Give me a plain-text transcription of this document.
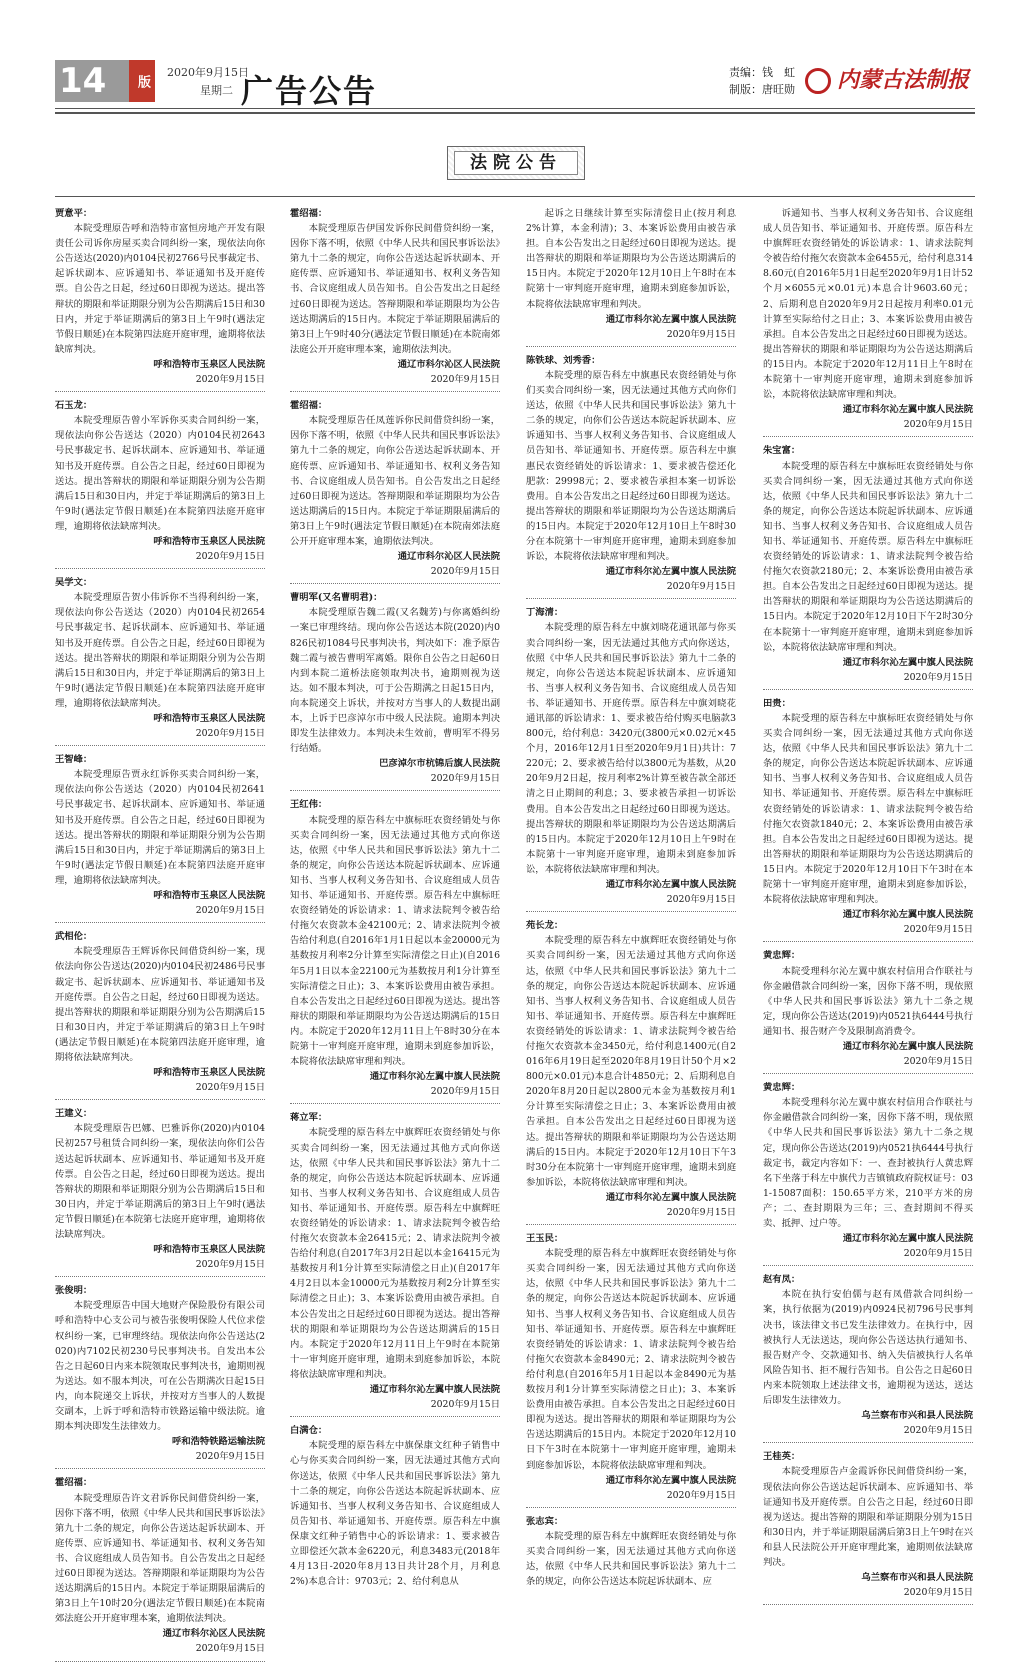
14	版
2020年9月15日
星期二 广告公告	责编：钱　虹
制版：唐旺勋	内蒙古法制报
法院公告

贾意平：

本院受理原告呼和浩特市富恒房地产开发有限责任公司诉你房屋买卖合同纠纷一案，现依法向你公告送达(2020)内0104民初2766号民事裁定书、起诉状副本、应诉通知书、举证通知书及开庭传票。自公告之日起，经过60日即视为送达。提出答辩状的期限和举证期限分别为公告期满后15日和30日内，并定于举证期满后的第3日上午9时(遇法定节假日顺延)在本院第四法庭开庭审理，逾期将依法缺席判决。

呼和浩特市玉泉区人民法院

2020年9月15日

石玉龙：

本院受理原告曾小军诉你买卖合同纠纷一案，现依法向你公告送达（2020）内0104民初2643号民事裁定书、起诉状副本、应诉通知书、举证通知书及开庭传票。自公告之日起，经过60日即视为送达。提出答辩状的期限和举证期限分别为公告期满后15日和30日内，并定于举证期满后的第3日上午9时(遇法定节假日顺延)在本院第四法庭开庭审理，逾期将依法缺席判决。

呼和浩特市玉泉区人民法院

2020年9月15日

吴学文：

本院受理原告贺小伟诉你不当得利纠纷一案，现依法向你公告送达（2020）内0104民初2654号民事裁定书、起诉状副本、应诉通知书、举证通知书及开庭传票。自公告之日起，经过60日即视为送达。提出答辩状的期限和举证期限分别为公告期满后15日和30日内，并定于举证期满后的第3日上午9时(遇法定节假日顺延)在本院第四法庭开庭审理，逾期将依法缺席判决。

呼和浩特市玉泉区人民法院

2020年9月15日

王智峰：

本院受理原告贾永红诉你买卖合同纠纷一案，现依法向你公告送达（2020）内0104民初2641号民事裁定书、起诉状副本、应诉通知书、举证通知书及开庭传票。自公告之日起，经过60日即视为送达。提出答辩状的期限和举证期限分别为公告期满后15日和30日内，并定于举证期满后的第3日上午9时(遇法定节假日顺延)在本院第四法庭开庭审理，逾期将依法缺席判决。

呼和浩特市玉泉区人民法院

2020年9月15日

武相伦：

本院受理原告王辉诉你民间借贷纠纷一案，现依法向你公告送达(2020)内0104民初2486号民事裁定书、起诉状副本、应诉通知书、举证通知书及开庭传票。自公告之日起，经过60日即视为送达。提出答辩状的期限和举证期限分别为公告期满后15日和30日内，并定于举证期满后的第3日上午9时(遇法定节假日顺延)在本院第四法庭开庭审理，逾期将依法缺席判决。

呼和浩特市玉泉区人民法院

2020年9月15日

王建义：

本院受理原告巴娜、巴雅诉你(2020)内0104民初257号租赁合同纠纷一案，现依法向你们公告送达起诉状副本、应诉通知书、举证通知书及开庭传票。自公告之日起，经过60日即视为送达。提出答辩状的期限和举证期限分别为公告期满后15日和30日内，并定于举证期满后的第3日上午9时(遇法定节假日顺延)在本院第七法庭开庭审理，逾期将依法缺席判决。

呼和浩特市玉泉区人民法院

2020年9月15日

张俊明：

本院受理原告中国大地财产保险股份有限公司呼和浩特中心支公司与被告张俊明保险人代位求偿权纠纷一案，已审理终结。现依法向你公告送达(2020)内7102民初230号民事判决书。自发出本公告之日起60日内来本院领取民事判决书，逾期则视为送达。如不服本判决，可在公告期满次日起15日内，向本院递交上诉状，并按对方当事人的人数提交副本，上诉于呼和浩特市铁路运输中级法院。逾期本判决即发生法律效力。

呼和浩特铁路运输法院

2020年9月15日

霍绍福：

本院受理原告许文君诉你民间借贷纠纷一案，因你下落不明，依照《中华人民共和国民事诉讼法》第九十二条的规定，向你公告送达起诉状副本、开庭传票、应诉通知书、举证通知书、权利义务告知书、合议庭组成人员告知书。自公告发出之日起经过60日即视为送达。答辩期限和举证期限均为公告送达期满后的15日内。本院定于举证期限届满后的第3日上午10时20分(遇法定节假日顺延)在本院南郊法庭公开开庭审理本案，逾期依法判决。

通辽市科尔沁区人民法院

2020年9月15日

霍绍福：

本院受理原告伊国发诉你民间借贷纠纷一案，因你下落不明，依照《中华人民共和国民事诉讼法》第九十二条的规定，向你公告送达起诉状副本、开庭传票、应诉通知书、举证通知书、权利义务告知书、合议庭组成人员告知书。自公告发出之日起经过60日即视为送达。答辩期限和举证期限均为公告送达期满后的15日内。本院定于举证期限届满后的第3日上午9时40分(遇法定节假日顺延)在本院南郊法庭公开开庭审理本案，逾期依法判决。

通辽市科尔沁区人民法院

2020年9月15日

霍绍福：

本院受理原告任凤莲诉你民间借贷纠纷一案，因你下落不明，依照《中华人民共和国民事诉讼法》第九十二条的规定，向你公告送达起诉状副本、开庭传票、应诉通知书、举证通知书、权利义务告知书、合议庭组成人员告知书。自公告发出之日起经过60日即视为送达。答辩期限和举证期限均为公告送达期满后的15日内。本院定于举证期限届满后的第3日上午9时(遇法定节假日顺延)在本院南郊法庭公开开庭审理本案，逾期依法判决。

通辽市科尔沁区人民法院

2020年9月15日

曹明军(又名曹明君)：

本院受理原告魏二霞(又名魏芳)与你离婚纠纷一案已审理终结。现向你公告送达本院(2020)内0826民初1084号民事判决书，判决如下：准予原告魏二霞与被告曹明军离婚。限你自公告之日起60日内到本院二道桥法庭领取判决书，逾期则视为送达。如不服本判决，可于公告期满之日起15日内，向本院递交上诉状，并按对方当事人的人数提出副本，上诉于巴彦淖尔市中级人民法院。逾期本判决即发生法律效力。本判决未生效前，曹明军不得另行结婚。

巴彦淖尔市杭锦后旗人民法院

2020年9月15日

王红伟：

本院受理的原告科左中旗标旺农资经销处与你买卖合同纠纷一案，因无法通过其他方式向你送达，依照《中华人民共和国民事诉讼法》第九十二条的规定，向你公告送达本院起诉状副本、应诉通知书、当事人权利义务告知书、合议庭组成人员告知书、举证通知书、开庭传票。原告科左中旗标旺农资经销处的诉讼请求：1、请求法院判令被告给付拖欠农资款本金42100元；2、请求法院判令被告给付利息(自2016年1月1日起以本金20000元为基数按月利率2分计算至实际清偿之日止)(自2016年5月1日以本金22100元为基数按月利1分计算至实际清偿之日止)；3、本案诉讼费用由被告承担。自本公告发出之日起经过60日即视为送达。提出答辩状的期限和举证期限均为公告送达期满后的15日内。本院定于2020年12月11日上午8时30分在本院第十一审判庭开庭审理，逾期未到庭参加诉讼，本院将依法缺席审理和判决。

通辽市科尔沁左翼中旗人民法院

2020年9月15日

蒋立军：

本院受理的原告科左中旗辉旺农资经销处与你买卖合同纠纷一案，因无法通过其他方式向你送达，依照《中华人民共和国民事诉讼法》第九十二条的规定，向你公告送达本院起诉状副本、应诉通知书、当事人权利义务告知书、合议庭组成人员告知书、举证通知书、开庭传票。原告科左中旗辉旺农资经销处的诉讼请求：1、请求法院判令被告给付拖欠农资款本金26415元；2、请求法院判令被告给付利息(自2017年3月2日起以本金16415元为基数按月利1分计算至实际清偿之日止)(自2017年4月2日以本金10000元为基数按月利2分计算至实际清偿之日止)；3、本案诉讼费用由被告承担。自本公告发出之日起经过60日即视为送达。提出答辩状的期限和举证期限均为公告送达期满后的15日内。本院定于2020年12月11日上午9时在本院第十一审判庭开庭审理，逾期未到庭参加诉讼，本院将依法缺席审理和判决。

通辽市科尔沁左翼中旗人民法院

2020年9月15日

白满仓：

本院受理的原告科左中旗保康文红种子销售中心与你买卖合同纠纷一案，因无法通过其他方式向你送达，依照《中华人民共和国民事诉讼法》第九十二条的规定，向你公告送达本院起诉状副本、应诉通知书、当事人权利义务告知书、合议庭组成人员告知书、举证通知书、开庭传票。原告科左中旗保康文红种子销售中心的诉讼请求：1、要求被告立即偿还欠款本金6220元，利息3483元(2018年4月13日-2020年8月13日共计28个月，月利息2%)本息合计：9703元；2、给付利息从

起诉之日继续计算至实际清偿日止(按月利息2%计算，本金利清)；3、本案诉讼费用由被告承担。自本公告发出之日起经过60日即视为送达。提出答辩状的期限和举证期限均为公告送达期满后的15日内。本院定于2020年12月10日上午8时在本院第十一审判庭开庭审理，逾期未到庭参加诉讼，本院将依法缺席审理和判决。

通辽市科尔沁左翼中旗人民法院

2020年9月15日

陈铁球、刘秀香：

本院受理的原告科左中旗惠民农资经销处与你们买卖合同纠纷一案，因无法通过其他方式向你们送达，依照《中华人民共和国民事诉讼法》第九十二条的规定，向你们公告送达本院起诉状副本、应诉通知书、当事人权利义务告知书、合议庭组成人员告知书、举证通知书、开庭传票。原告科左中旗惠民农资经销处的诉讼请求：1、要求被告偿还化肥款：29998元；2、要求被告承担本案一切诉讼费用。自本公告发出之日起经过60日即视为送达。提出答辩状的期限和举证期限均为公告送达期满后的15日内。本院定于2020年12月10日上午8时30分在本院第十一审判庭开庭审理，逾期未到庭参加诉讼，本院将依法缺席审理和判决。

通辽市科尔沁左翼中旗人民法院

2020年9月15日

丁海清：

本院受理的原告科左中旗刘晓花通讯部与你买卖合同纠纷一案，因无法通过其他方式向你送达，依照《中华人民共和国民事诉讼法》第九十二条的规定，向你公告送达本院起诉状副本、应诉通知书、当事人权利义务告知书、合议庭组成人员告知书、举证通知书、开庭传票。原告科左中旗刘晓花通讯部的诉讼请求：1、要求被告给付购买电脑款3800元，给付利息：3420元(3800元×0.02元×45个月，2016年12月1日至2020年9月1日)共计：7220元；2、要求被告给付以3800元为基数，从2020年9月2日起，按月利率2%计算至被告款全部还清之日止期间的利息；3、要求被告承担一切诉讼费用。自本公告发出之日起经过60日即视为送达。提出答辩状的期限和举证期限均为公告送达期满后的15日内。本院定于2020年12月10日上午9时在本院第十一审判庭开庭审理，逾期未到庭参加诉讼，本院将依法缺席审理和判决。

通辽市科尔沁左翼中旗人民法院

2020年9月15日

苑长龙：

本院受理的原告科左中旗辉旺农资经销处与你买卖合同纠纷一案，因无法通过其他方式向你送达，依照《中华人民共和国民事诉讼法》第九十二条的规定，向你公告送达本院起诉状副本、应诉通知书、当事人权利义务告知书、合议庭组成人员告知书、举证通知书、开庭传票。原告科左中旗辉旺农资经销处的诉讼请求：1、请求法院判令被告给付拖欠农资款本金3450元，给付利息1400元(自2016年6月19日起至2020年8月19日计50个月×2800元×0.01元)本息合计4850元；2、后期利息自2020年8月20日起以2800元本金为基数按月利1分计算至实际清偿之日止；3、本案诉讼费用由被告承担。自本公告发出之日起经过60日即视为送达。提出答辩状的期限和举证期限均为公告送达期满后的15日内。本院定于2020年12月10日下午3时30分在本院第十一审判庭开庭审理，逾期未到庭参加诉讼，本院将依法缺席审理和判决。

通辽市科尔沁左翼中旗人民法院

2020年9月15日

王玉民：

本院受理的原告科左中旗辉旺农资经销处与你买卖合同纠纷一案，因无法通过其他方式向你送达，依照《中华人民共和国民事诉讼法》第九十二条的规定，向你公告送达本院起诉状副本、应诉通知书、当事人权利义务告知书、合议庭组成人员告知书、举证通知书、开庭传票。原告科左中旗辉旺农资经销处的诉讼请求：1、请求法院判令被告给付拖欠农资款本金8490元；2、请求法院判令被告给付利息(自2016年5月1日起以本金8490元为基数按月利1分计算至实际清偿之日止)；3、本案诉讼费用由被告承担。自本公告发出之日起经过60日即视为送达。提出答辩状的期限和举证期限均为公告送达期满后的15日内。本院定于2020年12月10日下午3时在本院第十一审判庭开庭审理，逾期未到庭参加诉讼，本院将依法缺席审理和判决。

通辽市科尔沁左翼中旗人民法院

2020年9月15日

张志宾：

本院受理的原告科左中旗辉旺农资经销处与你买卖合同纠纷一案，因无法通过其他方式向你送达，依照《中华人民共和国民事诉讼法》第九十二条的规定，向你公告送达本院起诉状副本、应

诉通知书、当事人权利义务告知书、合议庭组成人员告知书、举证通知书、开庭传票。原告科左中旗辉旺农资经销处的诉讼请求：1、请求法院判令被告给付拖欠农资款本金6455元，给付利息3148.60元(自2016年5月1日起至2020年9月1日计52个月×6055元×0.01元)本息合计9603.60元；2、后期利息自2020年9月2日起按月利率0.01元计算至实际给付之日止；3、本案诉讼费用由被告承担。自本公告发出之日起经过60日即视为送达。提出答辩状的期限和举证期限均为公告送达期满后的15日内。本院定于2020年12月11日上午8时在本院第十一审判庭开庭审理，逾期未到庭参加诉讼，本院将依法缺席审理和判决。

通辽市科尔沁左翼中旗人民法院

2020年9月15日

朱宝富：

本院受理的原告科左中旗标旺农资经销处与你买卖合同纠纷一案，因无法通过其他方式向你送达，依照《中华人民共和国民事诉讼法》第九十二条的规定，向你公告送达本院起诉状副本、应诉通知书、当事人权利义务告知书、合议庭组成人员告知书、举证通知书、开庭传票。原告科左中旗标旺农资经销处的诉讼请求：1、请求法院判令被告给付拖欠农资款2180元；2、本案诉讼费用由被告承担。自本公告发出之日起经过60日即视为送达。提出答辩状的期限和举证期限均为公告送达期满后的15日内。本院定于2020年12月10日下午2时30分在本院第十一审判庭开庭审理，逾期未到庭参加诉讼，本院将依法缺席审理和判决。

通辽市科尔沁左翼中旗人民法院

2020年9月15日

田贵：

本院受理的原告科左中旗标旺农资经销处与你买卖合同纠纷一案，因无法通过其他方式向你送达，依照《中华人民共和国民事诉讼法》第九十二条的规定，向你公告送达本院起诉状副本、应诉通知书、当事人权利义务告知书、合议庭组成人员告知书、举证通知书、开庭传票。原告科左中旗标旺农资经销处的诉讼请求：1、请求法院判令被告给付拖欠农资款1840元；2、本案诉讼费用由被告承担。自本公告发出之日起经过60日即视为送达。提出答辩状的期限和举证期限均为公告送达期满后的15日内。本院定于2020年12月10日下午3时在本院第十一审判庭开庭审理，逾期未到庭参加诉讼，本院将依法缺席审理和判决。

通辽市科尔沁左翼中旗人民法院

2020年9月15日

黄忠辉：

本院受理科尔沁左翼中旗农村信用合作联社与你金融借款合同纠纷一案，因你下落不明，现依照《中华人民共和国民事诉讼法》第九十二条之规定，现向你公告送达(2019)内0521执6444号执行通知书、报告财产令及限制高消费令。

通辽市科尔沁左翼中旗人民法院

2020年9月15日

黄忠辉：

本院受理科尔沁左翼中旗农村信用合作联社与你金融借款合同纠纷一案，因你下落不明，现依照《中华人民共和国民事诉讼法》第九十二条之规定，现向你公告送达(2019)内0521执6444号执行裁定书，裁定内容如下：一、查封被执行人黄忠辉名下坐落于科左中旗代力吉镇镇政府院权证号：031-15087面积：150.65平方米，210平方米的房产；二、查封期限为三年；三、查封期间不得买卖、抵押、过户等。

通辽市科尔沁左翼中旗人民法院

2020年9月15日

赵有凤：

本院在执行安伯儒与赵有凤借款合同纠纷一案，执行依据为(2019)内0924民初796号民事判决书，该法律文书已发生法律效力。在执行中，因被执行人无法送达，现向你公告送达执行通知书、报告财产令、交款通知书、纳入失信被执行人名单风险告知书、拒不履行告知书。自公告之日起60日内来本院领取上述法律文书，逾期视为送达，送达后即发生法律效力。

乌兰察布市兴和县人民法院

2020年9月15日

王桂英：

本院受理原告卢金霞诉你民间借贷纠纷一案，现依法向你公告送达起诉状副本、应诉通知书、举证通知书及开庭传票。自公告之日起，经过60日即视为送达。提出答辩的期限和举证期限分别为15日和30日内，并于举证期限届满后第3日上午9时在兴和县人民法院公开开庭审理此案，逾期则依法缺席判决。

乌兰察布市兴和县人民法院

2020年9月15日
